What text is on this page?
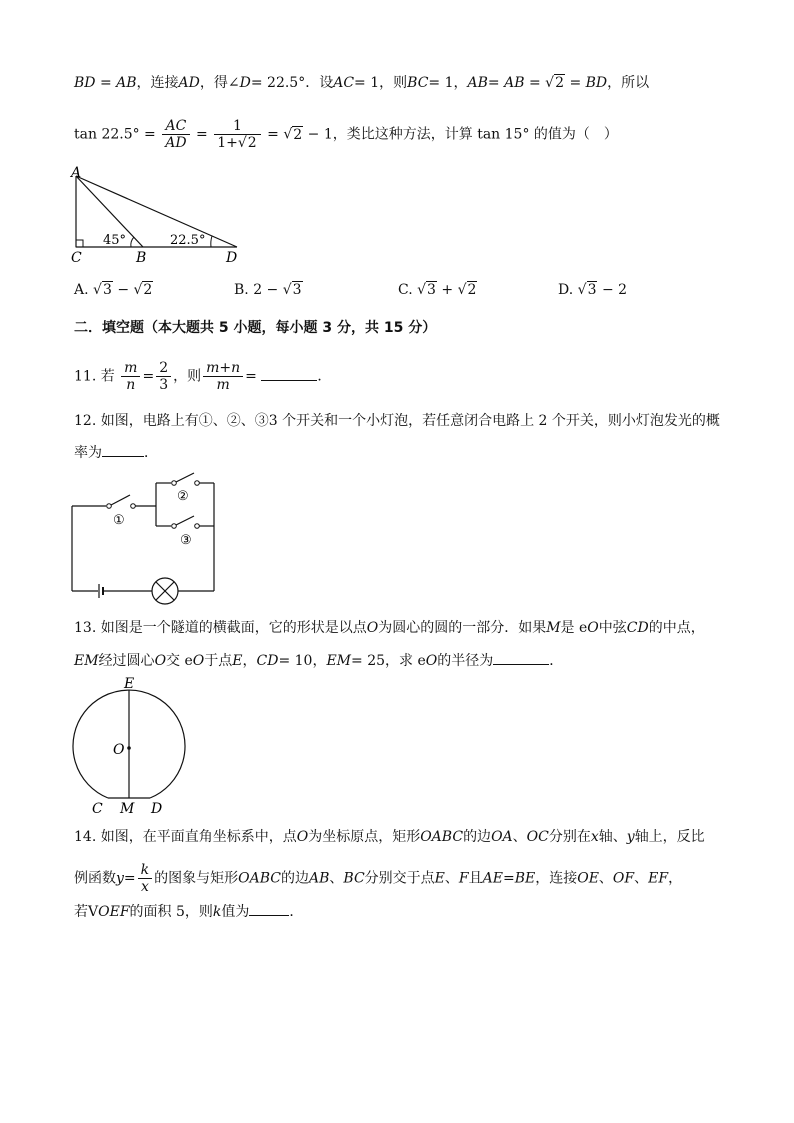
BD = AB，连接AD，得∠D= 22.5°．设AC= 1，则BC= 1，AB= AB = √2 = BD，所以
$\tan 22.5^\circ = \frac{AC}{AD} = \frac{1}{1+√2} = √2 - 1$，类比这种方法，计算 tan 15° 的值为（　）
A
C	B	D
45°	22.5°
A. √3 − √2	B. 2 − √3	C. √3 + √2	D. √3 − 2
二．填空题（本大题共 5 小题，每小题 3 分，共 15 分）
11. 若 $\frac{m}{n} = \frac{2}{3}$ ，则 $\frac{m+n}{m}$ =	．
12. 如图，电路上有①、②、③3 个开关和一个小灯泡，若任意闭合电路上 2 个开关，则小灯泡发光的概
率为	．
①
②
③
13. 如图是一个隧道的横截面，它的形状是以点O为圆心的圆的一部分．如果M是 eO中弦CD的中点，
EM经过圆心O交 eO于点E，CD= 10，EM= 25，求 eO的半径为	．
E
O
C M D
14. 如图，在平面直角坐标系中，点O为坐标原点，矩形OABC的边OA、OC分别在x轴、y轴上，反比
例函数$y= \frac{k}{x}$ 的图象与矩形OABC的边AB、BC分别交于点E、F且AE=BE，连接OE、OF、EF，
若VOEF的面积 5，则k值为	．
